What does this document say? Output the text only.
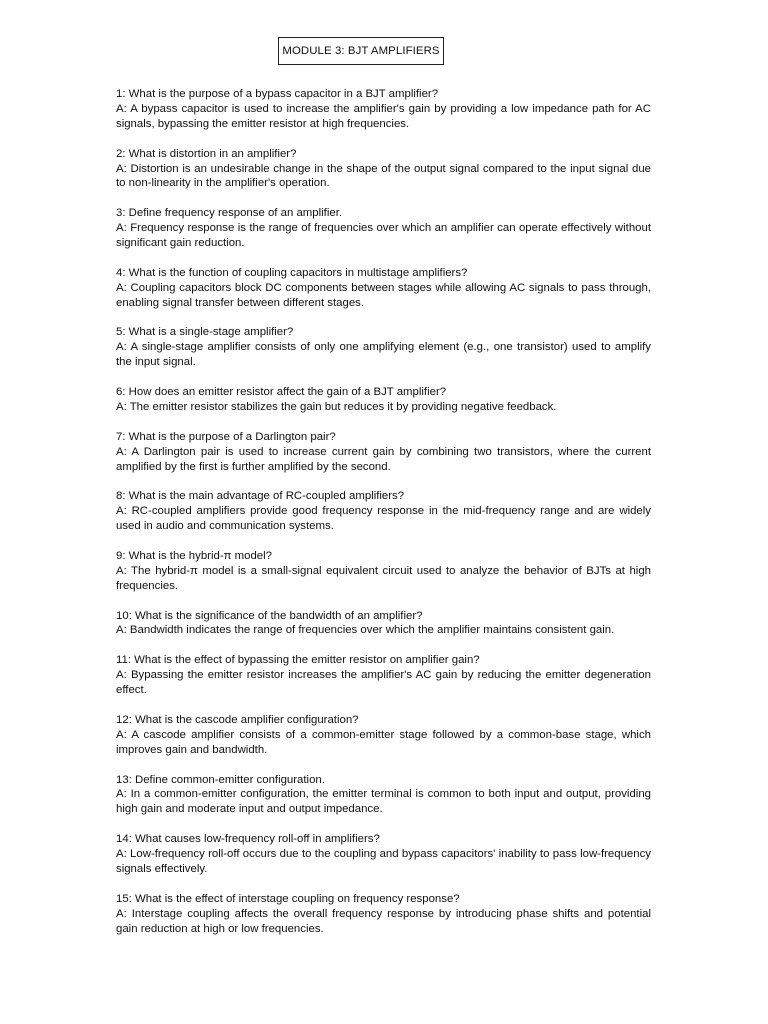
MODULE 3: BJT AMPLIFIERS
1: What is the purpose of a bypass capacitor in a BJT amplifier?
A: A bypass capacitor is used to increase the amplifier's gain by providing a low impedance path for AC signals, bypassing the emitter resistor at high frequencies.
2: What is distortion in an amplifier?
A: Distortion is an undesirable change in the shape of the output signal compared to the input signal due to non-linearity in the amplifier's operation.
3: Define frequency response of an amplifier.
A: Frequency response is the range of frequencies over which an amplifier can operate effectively without significant gain reduction.
4: What is the function of coupling capacitors in multistage amplifiers?
A: Coupling capacitors block DC components between stages while allowing AC signals to pass through, enabling signal transfer between different stages.
5: What is a single-stage amplifier?
A: A single-stage amplifier consists of only one amplifying element (e.g., one transistor) used to amplify the input signal.
6: How does an emitter resistor affect the gain of a BJT amplifier?
A: The emitter resistor stabilizes the gain but reduces it by providing negative feedback.
7: What is the purpose of a Darlington pair?
A: A Darlington pair is used to increase current gain by combining two transistors, where the current amplified by the first is further amplified by the second.
8: What is the main advantage of RC-coupled amplifiers?
A: RC-coupled amplifiers provide good frequency response in the mid-frequency range and are widely used in audio and communication systems.
9: What is the hybrid-π model?
A: The hybrid-π model is a small-signal equivalent circuit used to analyze the behavior of BJTs at high frequencies.
10: What is the significance of the bandwidth of an amplifier?
A: Bandwidth indicates the range of frequencies over which the amplifier maintains consistent gain.
11: What is the effect of bypassing the emitter resistor on amplifier gain?
A: Bypassing the emitter resistor increases the amplifier's AC gain by reducing the emitter degeneration effect.
12: What is the cascode amplifier configuration?
A: A cascode amplifier consists of a common-emitter stage followed by a common-base stage, which improves gain and bandwidth.
13: Define common-emitter configuration.
A: In a common-emitter configuration, the emitter terminal is common to both input and output, providing high gain and moderate input and output impedance.
14: What causes low-frequency roll-off in amplifiers?
A: Low-frequency roll-off occurs due to the coupling and bypass capacitors' inability to pass low-frequency signals effectively.
15: What is the effect of interstage coupling on frequency response?
A: Interstage coupling affects the overall frequency response by introducing phase shifts and potential gain reduction at high or low frequencies.
